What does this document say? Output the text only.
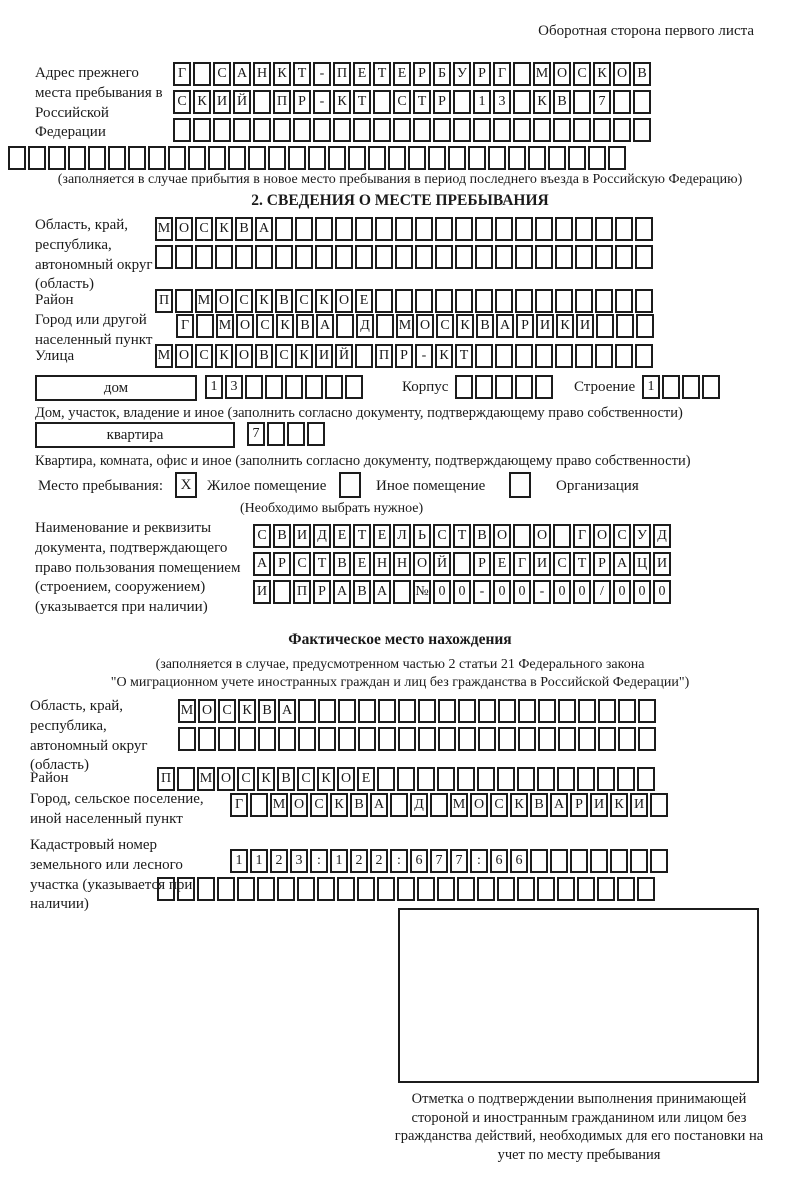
Оборотная сторона первого листа
Адрес прежнего места пребывания в Российской Федерации
Г	С А Н К Т - П Е Т Е Р Б У Р Г	М О С К О В
С К И Й П Р - К Т	С Т Р	1 3	К В	7
(заполняется в случае прибытия в новое место пребывания в период последнего въезда в Российскую Федерацию)
2. СВЕДЕНИЯ О МЕСТЕ ПРЕБЫВАНИЯ
Область, край, республика, автономный округ (область)
М О С К В А
Район	П М О С К В С К О Е
Город или другой населенный пункт
Г	М О С К В А	Д	М О С К В А Р И К И
Улица	М О С К О В С К И Й П Р - К Т
дом	1 3	Корпус	Строение 1
Дом, участок, владение и иное (заполнить согласно документу, подтверждающему право собственности)
квартира	7
Квартира, комната, офис и иное (заполнить согласно документу, подтверждающему право собственности)
Место пребывания:	X	Жилое помещение	Иное помещение	Организация
(Необходимо выбрать нужное)
Наименование и реквизиты документа, подтверждающего право пользования помещением (строением, сооружением) (указывается при наличии)
С В И Д Е Т Е Л Ь С Т В О О	Г О С У Д
А Р С Т В Е Н Н О Й	Р Е Г И С Т Р А Ц И
И П Р А В А № 0 0	-	0 0	-	0 0	/	0 0 0
Фактическое место нахождения
(заполняется в случае, предусмотренном частью 2 статьи 21 Федерального закона
"О миграционном учете иностранных граждан и лиц без гражданства в Российской Федерации")
Область, край, республика, автономный округ (область)
М О С К В А
Район	П М О С К В С К О Е
Город, сельское поселение, иной населенный пункт
Г	М О С К В А	Д	М О С К В А Р И К И
Кадастровый номер земельного или лесного участка (указывается при наличии)
1 1 2 3	:	1 2 2	:	6 7 7	:	6 6
Отметка о подтверждении выполнения принимающей стороной и иностранным гражданином или лицом без гражданства действий, необходимых для его постановки на учет по месту пребывания
